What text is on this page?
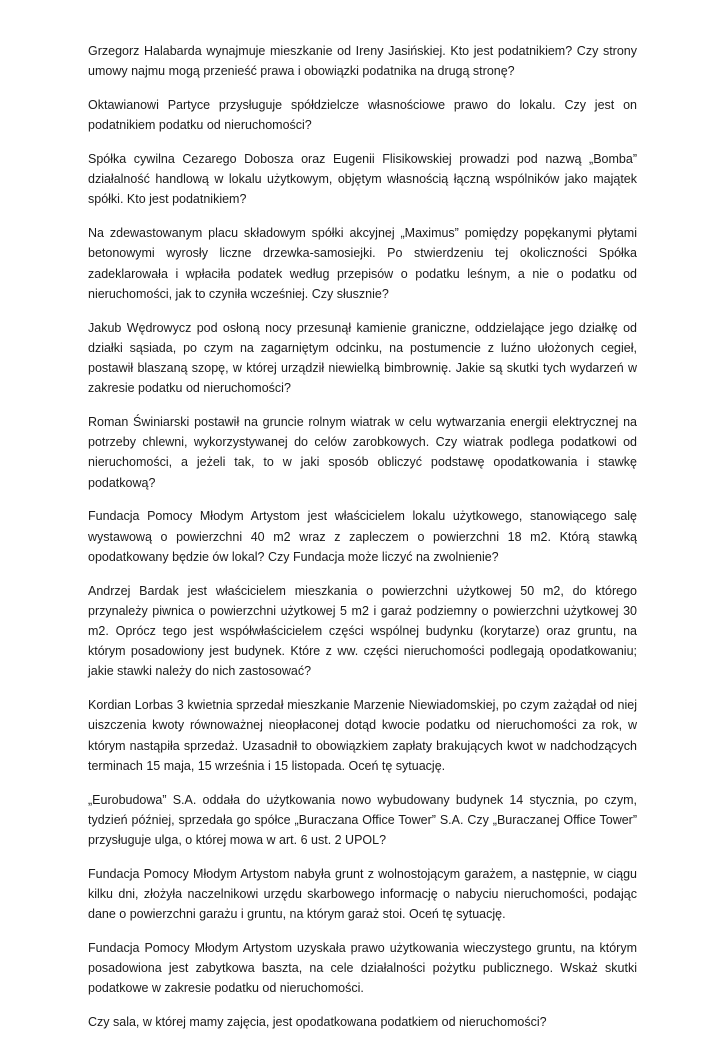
Grzegorz Halabarda wynajmuje mieszkanie od Ireny Jasińskiej. Kto jest podatnikiem? Czy strony umowy najmu mogą przenieść prawa i obowiązki podatnika na drugą stronę?

Oktawianowi Partyce przysługuje spółdzielcze własnościowe prawo do lokalu. Czy jest on podatnikiem podatku od nieruchomości?

Spółka cywilna Cezarego Dobosza oraz Eugenii Flisikowskiej prowadzi pod nazwą „Bomba” działalność handlową w lokalu użytkowym, objętym własnością łączną wspólników jako majątek spółki. Kto jest podatnikiem?

Na zdewastowanym placu składowym spółki akcyjnej „Maximus” pomiędzy popękanymi płytami betonowymi wyrosły liczne drzewka-samosiejki. Po stwierdzeniu tej okoliczności Spółka zadeklarowała i wpłaciła podatek według przepisów o podatku leśnym, a nie o podatku od nieruchomości, jak to czyniła wcześniej. Czy słusznie?

Jakub Wędrowycz pod osłoną nocy przesunął kamienie graniczne, oddzielające jego działkę od działki sąsiada, po czym na zagarniętym odcinku, na postumencie z luźno ułożonych cegieł, postawił blaszaną szopę, w której urządził niewielką bimbrownię. Jakie są skutki tych wydarzeń w zakresie podatku od nieruchomości?

Roman Świniarski postawił na gruncie rolnym wiatrak w celu wytwarzania energii elektrycznej na potrzeby chlewni, wykorzystywanej do celów zarobkowych. Czy wiatrak podlega podatkowi od nieruchomości, a jeżeli tak, to w jaki sposób obliczyć podstawę opodatkowania i stawkę podatkową?

Fundacja Pomocy Młodym Artystom jest właścicielem lokalu użytkowego, stanowiącego salę wystawową o powierzchni 40 m2 wraz z zapleczem o powierzchni 18 m2. Którą stawką opodatkowany będzie ów lokal? Czy Fundacja może liczyć na zwolnienie?

Andrzej Bardak jest właścicielem mieszkania o powierzchni użytkowej 50 m2, do którego przynależy piwnica o powierzchni użytkowej 5 m2 i garaż podziemny o powierzchni użytkowej 30 m2. Oprócz tego jest współwłaścicielem części wspólnej budynku (korytarze) oraz gruntu, na którym posadowiony jest budynek. Które z ww. części nieruchomości podlegają opodatkowaniu; jakie stawki należy do nich zastosować?

Kordian Lorbas 3 kwietnia sprzedał mieszkanie Marzenie Niewiadomskiej, po czym zażądał od niej uiszczenia kwoty równoważnej nieopłaconej dotąd kwocie podatku od nieruchomości za rok, w którym nastąpiła sprzedaż. Uzasadnił to obowiązkiem zapłaty brakujących kwot w nadchodzących terminach 15 maja, 15 września i 15 listopada. Oceń tę sytuację.

„Eurobudowa” S.A. oddała do użytkowania nowo wybudowany budynek 14 stycznia, po czym, tydzień później, sprzedała go spółce „Buraczana Office Tower” S.A. Czy „Buraczanej Office Tower” przysługuje ulga, o której mowa w art. 6 ust. 2 UPOL?

Fundacja Pomocy Młodym Artystom nabyła grunt z wolnostojącym garażem, a następnie, w ciągu kilku dni, złożyła naczelnikowi urzędu skarbowego informację o nabyciu nieruchomości, podając dane o powierzchni garażu i gruntu, na którym garaż stoi. Oceń tę sytuację.

Fundacja Pomocy Młodym Artystom uzyskała prawo użytkowania wieczystego gruntu, na którym posadowiona jest zabytkowa baszta, na cele działalności pożytku publicznego. Wskaż skutki podatkowe w zakresie podatku od nieruchomości.

Czy sala, w której mamy zajęcia, jest opodatkowana podatkiem od nieruchomości?
